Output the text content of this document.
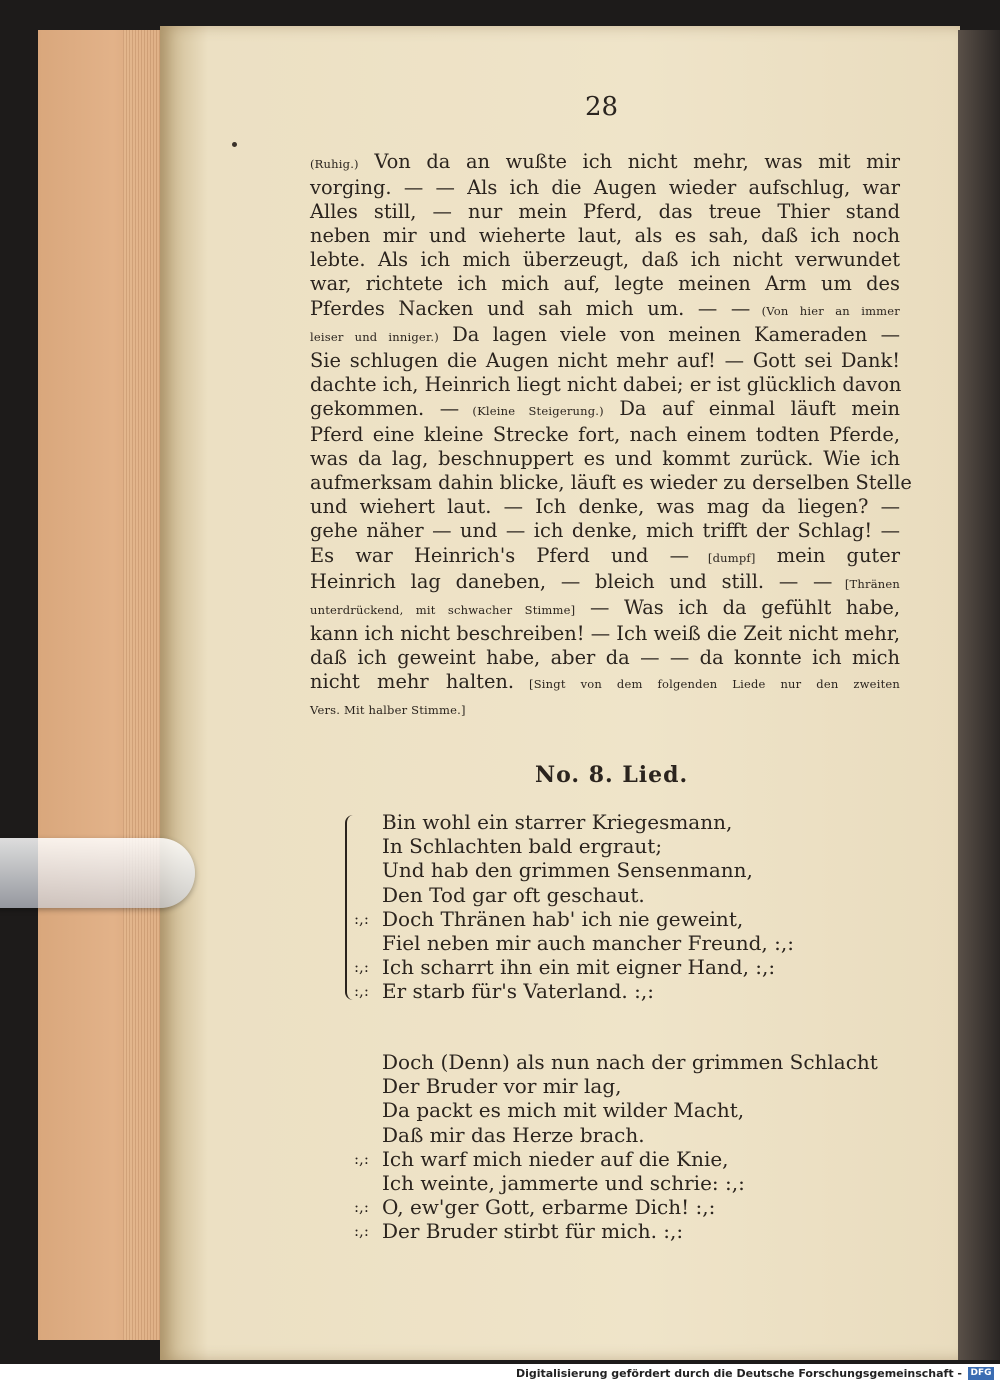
28
(Ruhig.) Von da an wußte ich nicht mehr, was mit mir
vorging. — — Als ich die Augen wieder aufschlug, war
Alles still, — nur mein Pferd, das treue Thier stand
neben mir und wieherte laut, als es sah, daß ich noch
lebte. Als ich mich überzeugt, daß ich nicht verwundet
war, richtete ich mich auf, legte meinen Arm um des
Pferdes Nacken und sah mich um. — — (Von hier an immer
leiser und inniger.) Da lagen viele von meinen Kameraden —
Sie schlugen die Augen nicht mehr auf! — Gott sei Dank!
dachte ich, Heinrich liegt nicht dabei; er ist glücklich davon
gekommen. — (Kleine Steigerung.) Da auf einmal läuft mein
Pferd eine kleine Strecke fort, nach einem todten Pferde,
was da lag, beschnuppert es und kommt zurück. Wie ich
aufmerksam dahin blicke, läuft es wieder zu derselben Stelle
und wiehert laut. — Ich denke, was mag da liegen? —
gehe näher — und — ich denke, mich trifft der Schlag! —
Es war Heinrich's Pferd und — [dumpf] mein guter
Heinrich lag daneben, — bleich und still. — — [Thränen
unterdrückend, mit schwacher Stimme] — Was ich da gefühlt habe,
kann ich nicht beschreiben! — Ich weiß die Zeit nicht mehr,
daß ich geweint habe, aber da — — da konnte ich mich
nicht mehr halten. [Singt von dem folgenden Liede nur den zweiten
Vers. Mit halber Stimme.]
No. 8. Lied.
Bin wohl ein starrer Kriegesmann,
In Schlachten bald ergraut;
Und hab den grimmen Sensenmann,
Den Tod gar oft geschaut.
:,: Doch Thränen hab' ich nie geweint,
Fiel neben mir auch mancher Freund, :,:
:,: Ich scharrt ihn ein mit eigner Hand, :,:
:,: Er starb für's Vaterland. :,:
Doch (Denn) als nun nach der grimmen Schlacht
Der Bruder vor mir lag,
Da packt es mich mit wilder Macht,
Daß mir das Herze brach.
:,: Ich warf mich nieder auf die Knie,
Ich weinte, jammerte und schrie: :,:
:,: O, ew'ger Gott, erbarme Dich! :,:
:,: Der Bruder stirbt für mich. :,:
Digitalisierung gefördert durch die Deutsche Forschungsgemeinschaft - DFG
